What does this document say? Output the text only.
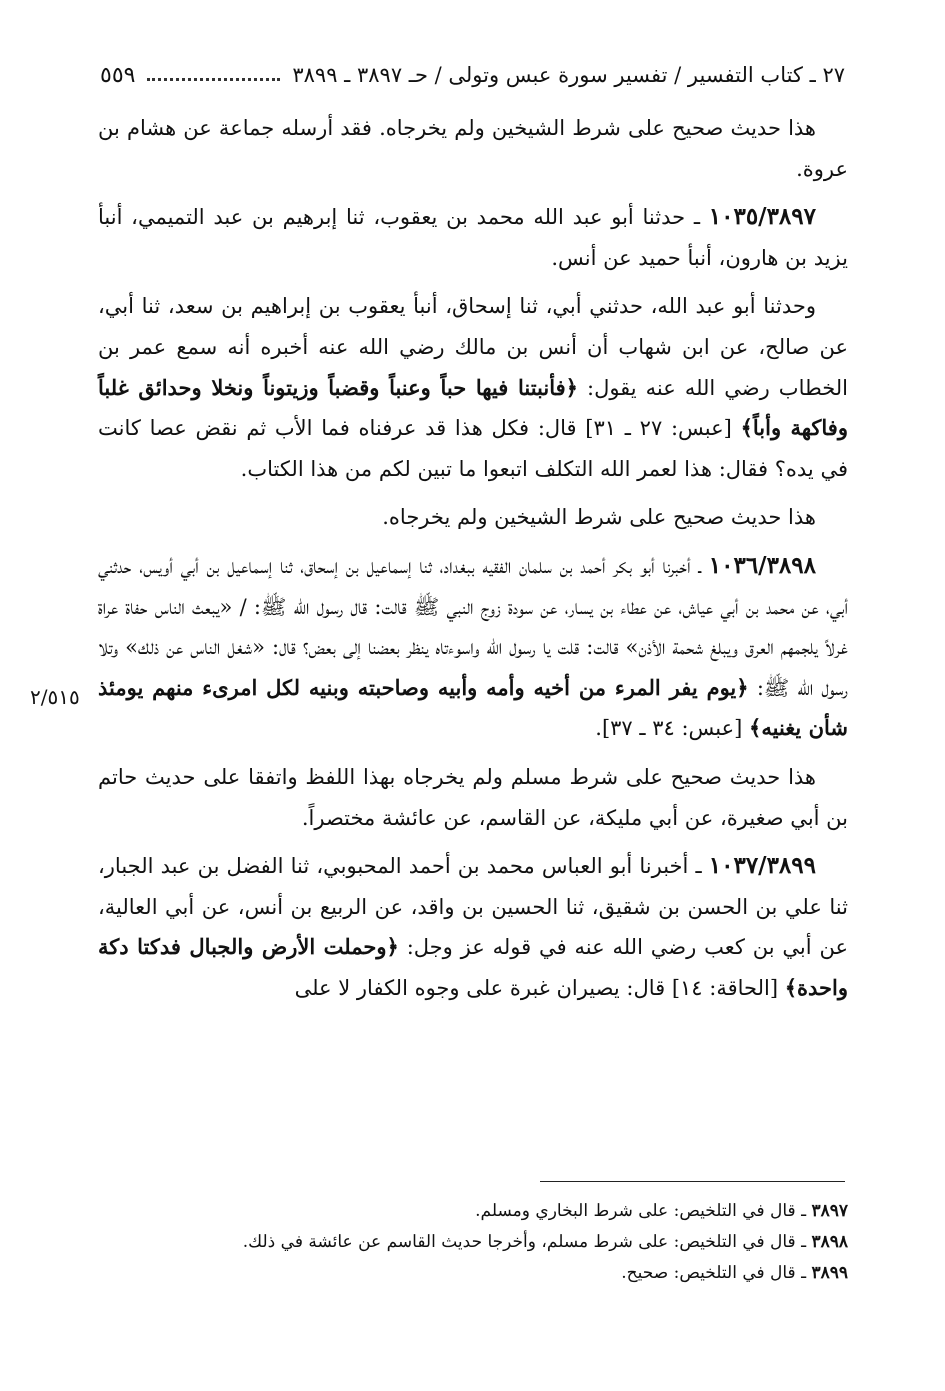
٢٧ ـ كتاب التفسير / تفسير سورة عبس وتولى / حـ ٣٨٩٧ ـ ٣٨٩٩
٥٥٩
٢/٥١٥

هذا حديث صحيح على شرط الشيخين ولم يخرجاه. فقد أرسله جماعة عن هشام بن عروة.

١٠٣٥/٣٨٩٧ ـ حدثنا أبو عبد الله محمد بن يعقوب، ثنا إبرهيم بن عبد التميمي، أنبأ يزيد بن هارون، أنبأ حميد عن أنس.

وحدثنا أبو عبد الله، حدثني أبي، ثنا إسحاق، أنبأ يعقوب بن إبراهيم بن سعد، ثنا أبي، عن صالح، عن ابن شهاب أن أنس بن مالك رضي الله عنه أخبره أنه سمع عمر بن الخطاب رضي الله عنه يقول: ﴿فأنبتنا فيها حباً وعنباً وقضباً وزيتوناً ونخلا وحدائق غلباً وفاكهة وأباً﴾ [عبس: ٢٧ ـ ٣١] قال: فكل هذا قد عرفناه فما الأب ثم نقض عصا كانت في يده؟ فقال: هذا لعمر الله التكلف اتبعوا ما تبين لكم من هذا الكتاب.

هذا حديث صحيح على شرط الشيخين ولم يخرجاه.

١٠٣٦/٣٨٩٨ ـ أخبرنا أبو بكر أحمد بن سلمان الفقيه ببغداد، ثنا إسماعيل بن إسحاق، ثنا إسماعيل بن أبي أويس، حدثني أبي، عن محمد بن أبي عياش، عن عطاء بن يسار، عن سودة زوج النبي ﷺ قالت: قال رسول الله ﷺ: / «يبعث الناس حفاة عراة غرلاً يلجمهم العرق ويبلغ شحمة الأذن» قالت: قلت يا رسول الله واسوءتاه ينظر بعضنا إلى بعض؟ قال: «شغل الناس عن ذلك» وتلا رسول الله ﷺ: ﴿يوم يفر المرء من أخيه وأمه وأبيه وصاحبته وبنيه لكل امرىء منهم يومئذ شأن يغنيه﴾ [عبس: ٣٤ ـ ٣٧].

هذا حديث صحيح على شرط مسلم ولم يخرجاه بهذا اللفظ واتفقا على حديث حاتم بن أبي صغيرة، عن أبي مليكة، عن القاسم، عن عائشة مختصراً.

١٠٣٧/٣٨٩٩ ـ أخبرنا أبو العباس محمد بن أحمد المحبوبي، ثنا الفضل بن عبد الجبار، ثنا علي بن الحسن بن شقيق، ثنا الحسين بن واقد، عن الربيع بن أنس، عن أبي العالية، عن أبي بن كعب رضي الله عنه في قوله عز وجل: ﴿وحملت الأرض والجبال فدكتا دكة واحدة﴾ [الحاقة: ١٤] قال: يصيران غبرة على وجوه الكفار لا على

٣٨٩٧ ـ قال في التلخيص: على شرط البخاري ومسلم.

٣٨٩٨ ـ قال في التلخيص: على شرط مسلم، وأخرجا حديث القاسم عن عائشة في ذلك.

٣٨٩٩ ـ قال في التلخيص: صحيح.
